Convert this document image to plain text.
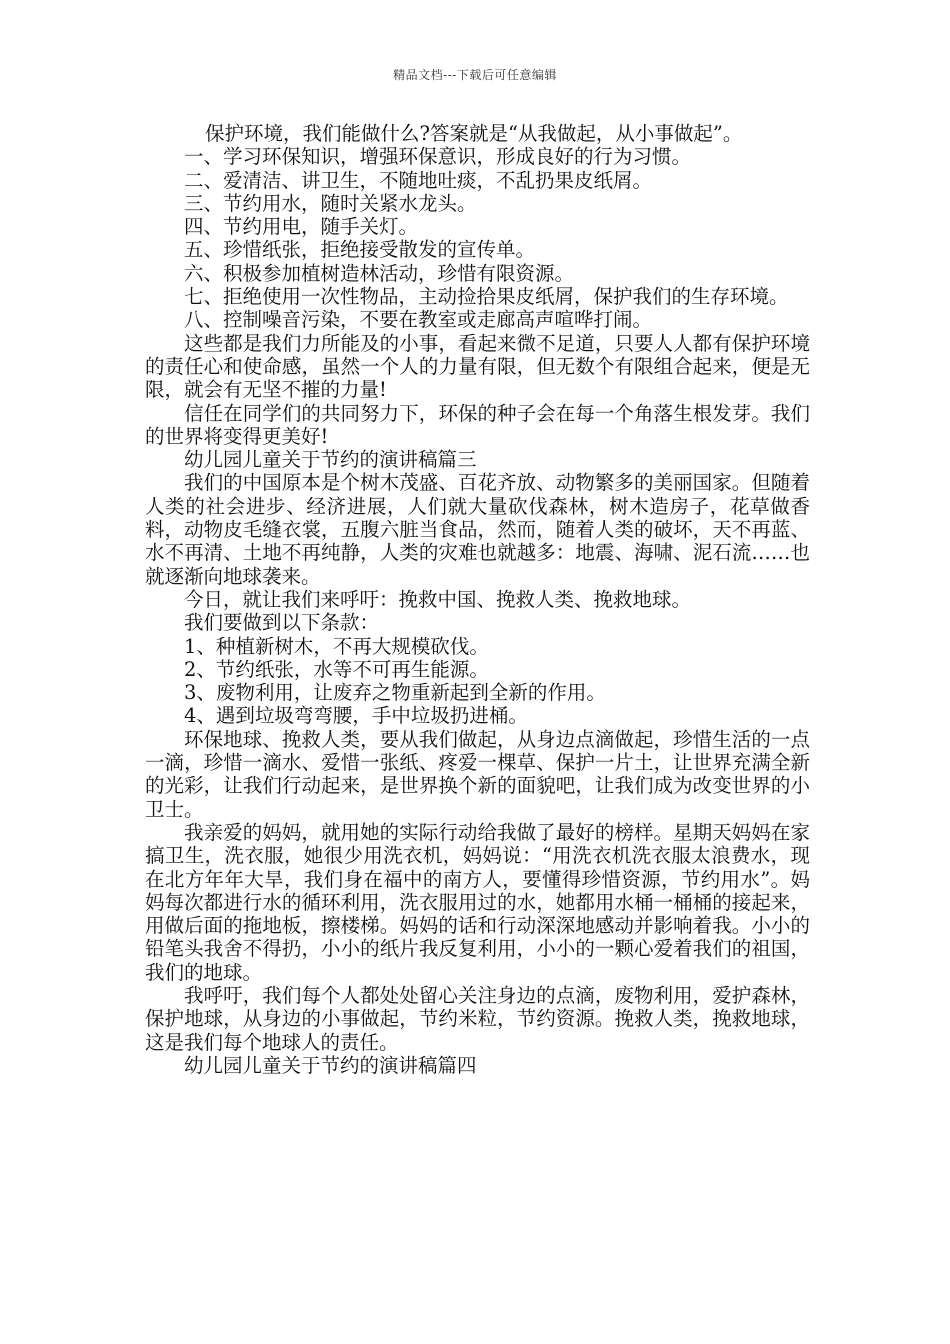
精品文档---下载后可任意编辑

保护环境，我们能做什么?答案就是“从我做起，从小事做起”。

一、学习环保知识，增强环保意识，形成良好的行为习惯。

二、爱清洁、讲卫生，不随地吐痰，不乱扔果皮纸屑。

三、节约用水，随时关紧水龙头。

四、节约用电，随手关灯。

五、珍惜纸张，拒绝接受散发的宣传单。

六、积极参加植树造林活动，珍惜有限资源。

七、拒绝使用一次性物品，主动捡拾果皮纸屑，保护我们的生存环境。

八、控制噪音污染，不要在教室或走廊高声喧哗打闹。

这些都是我们力所能及的小事，看起来微不足道，只要人人都有保护环境的责任心和使命感，虽然一个人的力量有限，但无数个有限组合起来，便是无限，就会有无坚不摧的力量!

信任在同学们的共同努力下，环保的种子会在每一个角落生根发芽。我们的世界将变得更美好!

幼儿园儿童关于节约的演讲稿篇三

我们的中国原本是个树木茂盛、百花齐放、动物繁多的美丽国家。但随着人类的社会进步、经济进展，人们就大量砍伐森林，树木造房子，花草做香料，动物皮毛缝衣裳，五腹六脏当食品，然而，随着人类的破坏，天不再蓝、水不再清、土地不再纯静，人类的灾难也就越多：地震、海啸、泥石流……也就逐渐向地球袭来。

今日，就让我们来呼吁：挽救中国、挽救人类、挽救地球。

我们要做到以下条款：

1、种植新树木，不再大规模砍伐。

2、节约纸张，水等不可再生能源。

3、废物利用，让废弃之物重新起到全新的作用。

4、遇到垃圾弯弯腰，手中垃圾扔进桶。

环保地球、挽救人类，要从我们做起，从身边点滴做起，珍惜生活的一点一滴，珍惜一滴水、爱惜一张纸、疼爱一棵草、保护一片土，让世界充满全新的光彩，让我们行动起来，是世界换个新的面貌吧，让我们成为改变世界的小卫士。

我亲爱的妈妈，就用她的实际行动给我做了最好的榜样。星期天妈妈在家搞卫生，洗衣服，她很少用洗衣机，妈妈说：“用洗衣机洗衣服太浪费水，现在北方年年大旱，我们身在福中的南方人，要懂得珍惜资源，节约用水”。妈妈每次都进行水的循环利用，洗衣服用过的水，她都用水桶一桶桶的接起来，用做后面的拖地板，擦楼梯。妈妈的话和行动深深地感动并影响着我。小小的铅笔头我舍不得扔，小小的纸片我反复利用，小小的一颗心爱着我们的祖国，我们的地球。

我呼吁，我们每个人都处处留心关注身边的点滴，废物利用，爱护森林，保护地球，从身边的小事做起，节约米粒，节约资源。挽救人类，挽救地球，这是我们每个地球人的责任。

幼儿园儿童关于节约的演讲稿篇四
